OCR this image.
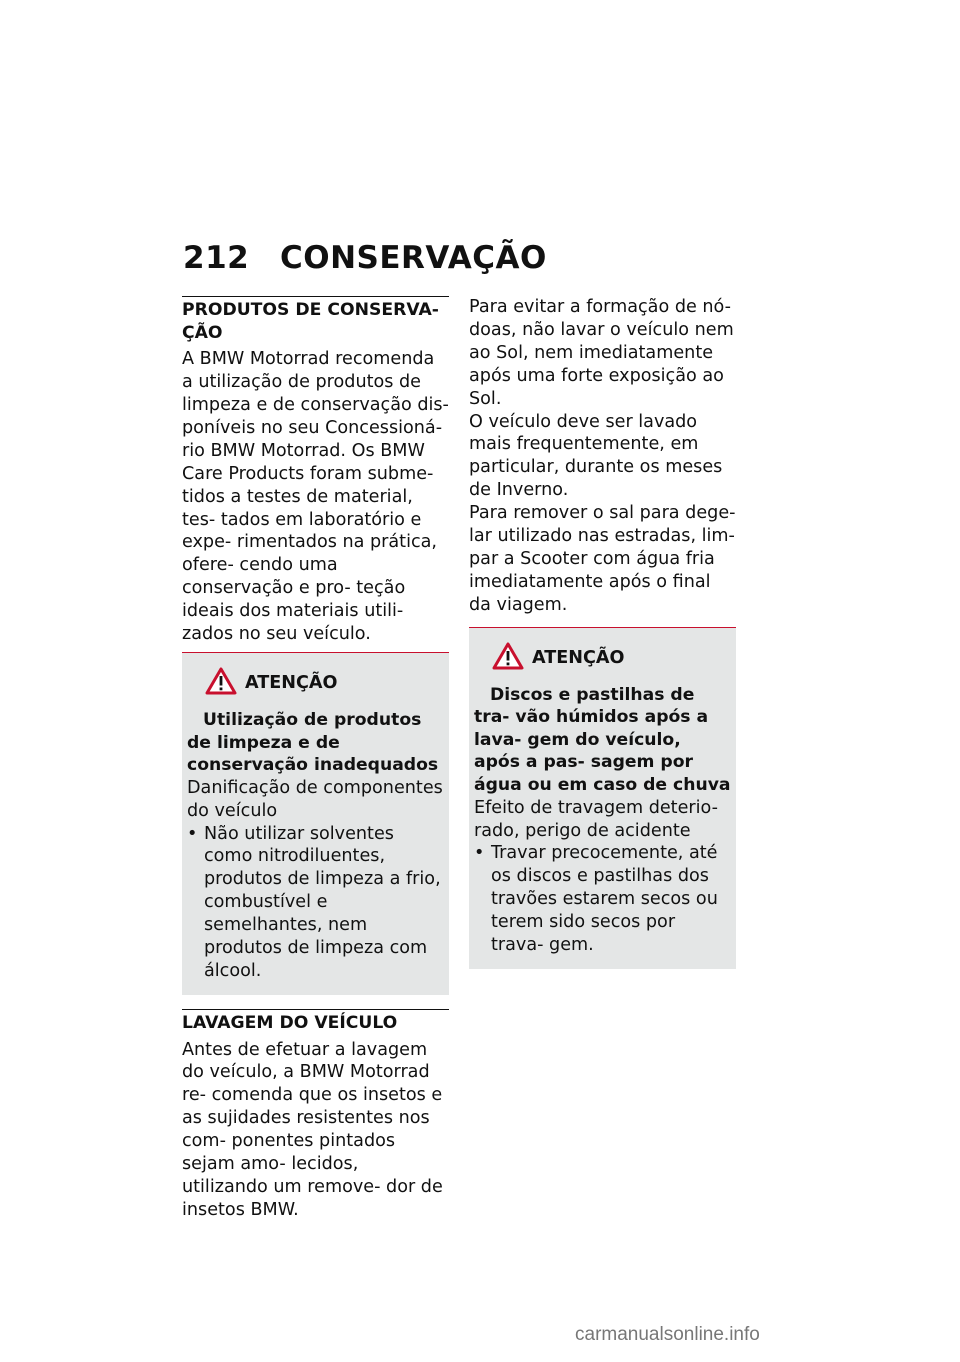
212 CONSERVAÇÃO
PRODUTOS DE CONSERVA- ÇÃO

A BMW Motorrad recomenda a utilização de produtos de limpeza e de conservação dis- poníveis no seu Concessioná- rio BMW Motorrad. Os BMW Care Products foram subme- tidos a testes de material, tes- tados em laboratório e expe- rimentados na prática, ofere- cendo uma conservação e pro- teção ideais dos materiais utili- zados no seu veículo.

ATENÇÃO

Utilização de produtos de limpeza e de conservação inadequados

Danificação de componentes do veículo

• Não utilizar solventes como nitrodiluentes, produtos de limpeza a frio, combustível e semelhantes, nem produtos de limpeza com álcool.
LAVAGEM DO VEÍCULO

Antes de efetuar a lavagem do veículo, a BMW Motorrad re- comenda que os insetos e as sujidades resistentes nos com- ponentes pintados sejam amo- lecidos, utilizando um remove- dor de insetos BMW.

Para evitar a formação de nó- doas, não lavar o veículo nem ao Sol, nem imediatamente após uma forte exposição ao Sol.

O veículo deve ser lavado mais frequentemente, em particular, durante os meses de Inverno.

Para remover o sal para dege- lar utilizado nas estradas, lim- par a Scooter com água fria imediatamente após o final da viagem.

ATENÇÃO

Discos e pastilhas de tra- vão húmidos após a lava- gem do veículo, após a pas- sagem por água ou em caso de chuva

Efeito de travagem deterio- rado, perigo de acidente

• Travar precocemente, até os discos e pastilhas dos travões estarem secos ou terem sido secos por trava- gem.
carmanualsonline.info
